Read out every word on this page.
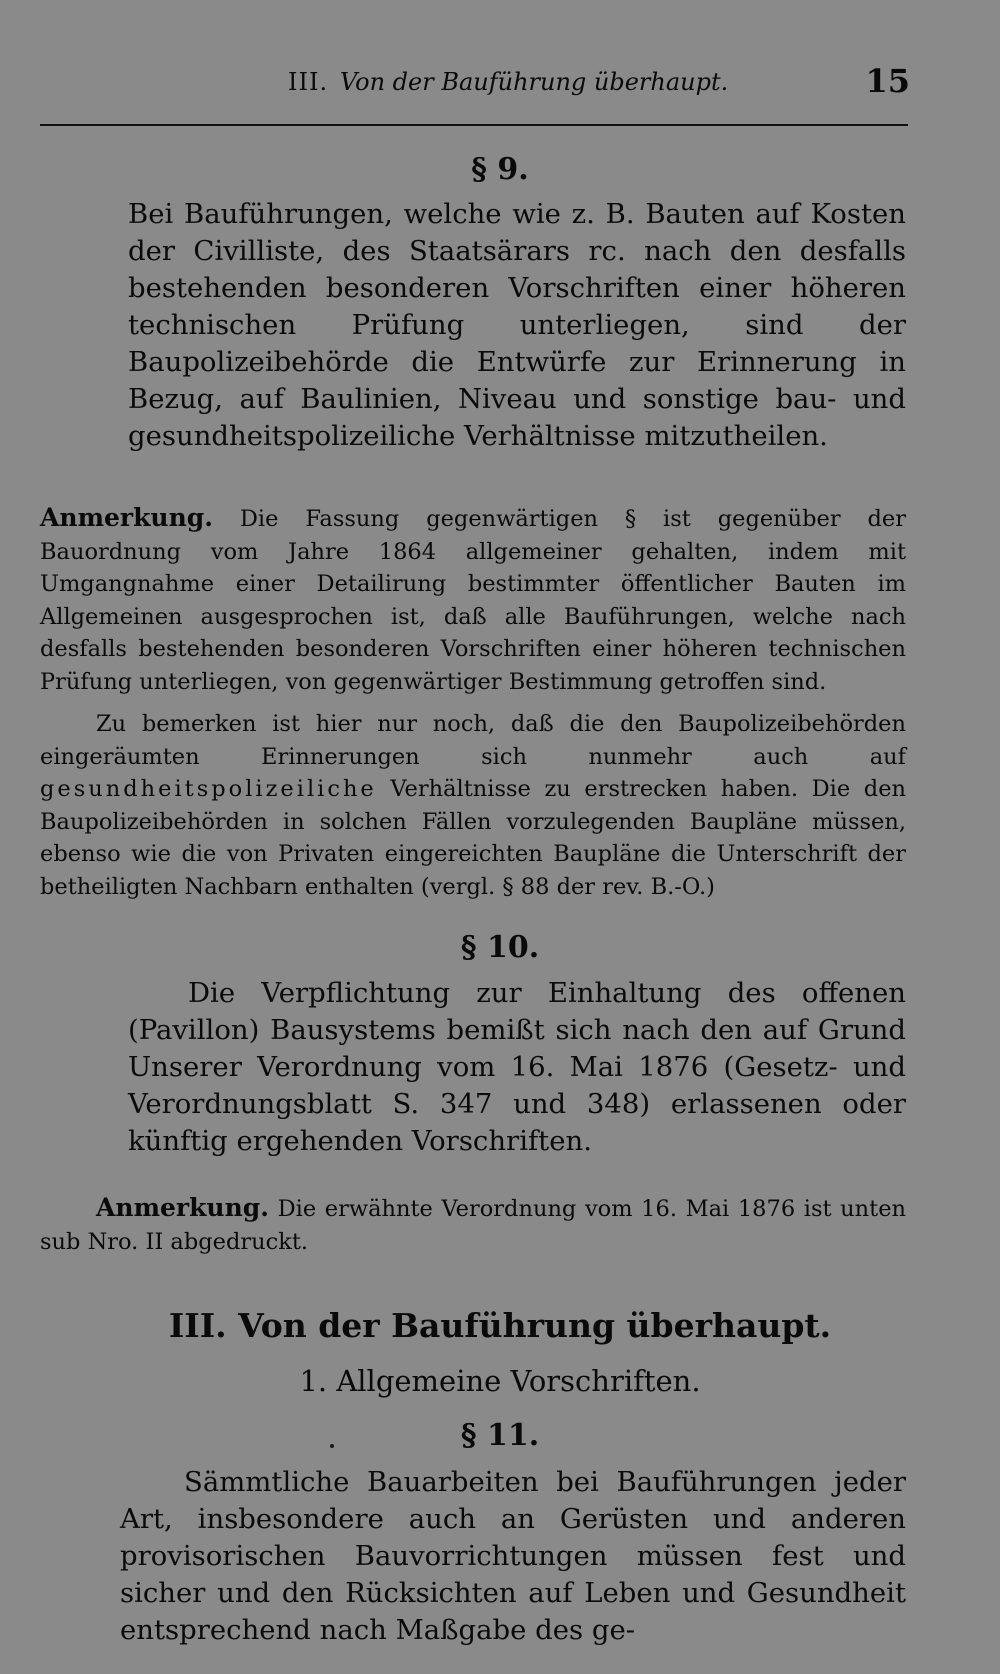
III. Von der Bauführung überhaupt.	15
§ 9.

Bei Bauführungen, welche wie z. B. Bauten auf Kosten der Civilliste, des Staatsärars rc. nach den desfalls bestehenden besonderen Vorschriften einer höheren technischen Prüfung unterliegen, sind der Baupolizeibehörde die Entwürfe zur Erinnerung in Bezug, auf Baulinien, Niveau und sonstige bau- und gesundheitspolizeiliche Verhältnisse mitzutheilen.

Anmerkung. Die Fassung gegenwärtigen § ist gegenüber der Bauordnung vom Jahre 1864 allgemeiner gehalten, indem mit Umgangnahme einer Detailirung bestimmter öffentlicher Bauten im Allgemeinen ausgesprochen ist, daß alle Bauführungen, welche nach desfalls bestehenden besonderen Vorschriften einer höheren technischen Prüfung unterliegen, von gegenwärtiger Bestimmung getroffen sind.

Zu bemerken ist hier nur noch, daß die den Baupolizeibehörden eingeräumten Erinnerungen sich nunmehr auch auf gesundheitspolizeiliche Verhältnisse zu erstrecken haben. Die den Baupolizeibehörden in solchen Fällen vorzulegenden Baupläne müssen, ebenso wie die von Privaten eingereichten Baupläne die Unterschrift der betheiligten Nachbarn enthalten (vergl. § 88 der rev. B.-O.)

§ 10.

Die Verpflichtung zur Einhaltung des offenen (Pavillon) Bausystems bemißt sich nach den auf Grund Unserer Verordnung vom 16. Mai 1876 (Gesetz- und Verordnungsblatt S. 347 und 348) erlassenen oder künftig ergehenden Vorschriften.

Anmerkung. Die erwähnte Verordnung vom 16. Mai 1876 ist unten sub Nro. II abgedruckt.

III. Von der Bauführung überhaupt.
1. Allgemeine Vorschriften.
§ 11.

Sämmtliche Bauarbeiten bei Bauführungen jeder Art, insbesondere auch an Gerüsten und anderen provisorischen Bauvorrichtungen müssen fest und sicher und den Rücksichten auf Leben und Gesundheit entsprechend nach Maßgabe des ge-
